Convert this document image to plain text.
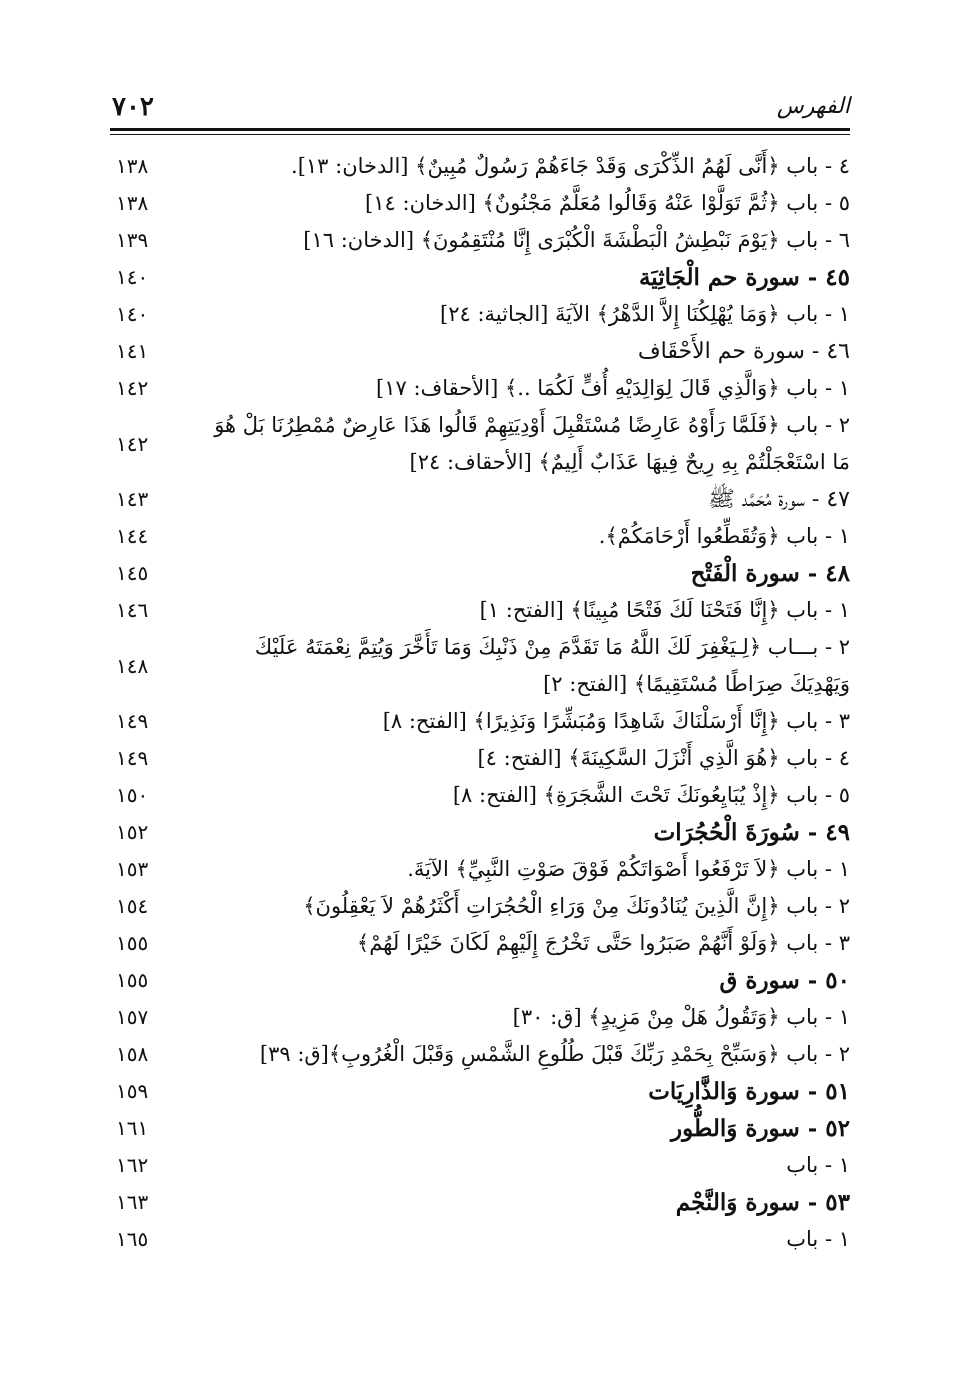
الفهرس
٧٠٢
٤ - باب ﴿أَنَّى لَهُمُ الذِّكْرَى وَقَدْ جَاءَهُمْ رَسُولٌ مُبِينٌ﴾ [الدخان: ١٣].
١٣٨
٥ - باب ﴿ثُمَّ تَوَلَّوْا عَنْهُ وَقَالُوا مُعَلَّمٌ مَجْنُونٌ﴾ [الدخان: ١٤]
١٣٨
٦ - باب ﴿يَوْمَ نَبْطِشُ الْبَطْشَةَ الْكُبْرَى إِنَّا مُنْتَقِمُونَ﴾ [الدخان: ١٦]
١٣٩
٤٥ - سورة حم الْجَاثِيَة
١٤٠
١ - باب ﴿وَمَا يُهْلِكُنَا إِلاَّ الدَّهْرُ﴾ الآيَةَ [الجاثية: ٢٤]
١٤٠
٤٦ - سورة حم الأَحْقَاف
١٤١
١ - باب ﴿وَالَّذِي قَالَ لِوَالِدَيْهِ أُفٍّ لَكُمَا ..﴾ [الأحقاف: ١٧]
١٤٢
٢ - باب ﴿فَلَمَّا رَأَوْهُ عَارِضًا مُسْتَقْبِلَ أَوْدِيَتِهِمْ قَالُوا هَذَا عَارِضٌ مُمْطِرُنَا بَلْ هُوَ مَا اسْتَعْجَلْتُمْ بِهِ رِيحٌ فِيهَا عَذَابٌ أَلِيمٌ﴾ [الأحقاف: ٢٤]
١٤٢
٤٧ - سورة مُحَمَّد ﷺ
١٤٣
١ - باب ﴿وَتُقَطِّعُوا أَرْحَامَكُمْ﴾.
١٤٤
٤٨ - سورة الْفَتْح
١٤٥
١ - باب ﴿إِنَّا فَتَحْنَا لَكَ فَتْحًا مُبِينًا﴾ [الفتح: ١]
١٤٦
٢ - بـــاب ﴿لِـيَغْفِرَ لَكَ اللَّهُ مَا تَقَدَّمَ مِنْ ذَنْبِكَ وَمَا تَأَخَّرَ وَيُتِمَّ نِعْمَتَهُ عَلَيْكَ وَيَهْدِيَكَ صِرَاطًا مُسْتَقِيمًا﴾ [الفتح: ٢]
١٤٨
٣ - باب ﴿إِنَّا أَرْسَلْنَاكَ شَاهِدًا وَمُبَشِّرًا وَنَذِيرًا﴾ [الفتح: ٨]
١٤٩
٤ - باب ﴿هُوَ الَّذِي أَنْزَلَ السَّكِينَةَ﴾ [الفتح: ٤]
١٤٩
٥ - باب ﴿إِذْ يُبَايِعُونَكَ تَحْتَ الشَّجَرَةِ﴾ [الفتح: ٨]
١٥٠
٤٩ - سُورَةَ الْحُجُرَات
١٥٢
١ - باب ﴿لاَ تَرْفَعُوا أَصْوَاتَكُمْ فَوْقَ صَوْتِ النَّبِيِّ﴾ الآيَةَ.
١٥٣
٢ - باب ﴿إِنَّ الَّذِينَ يُنَادُونَكَ مِنْ وَرَاءِ الْحُجُرَاتِ أَكْثَرُهُمْ لاَ يَعْقِلُونَ﴾
١٥٤
٣ - باب ﴿وَلَوْ أَنَّهُمْ صَبَرُوا حَتَّى تَخْرُجَ إِلَيْهِمْ لَكَانَ خَيْرًا لَهُمْ﴾
١٥٥
٥٠ - سورة ق
١٥٥
١ - باب ﴿وَتَقُولُ هَلْ مِنْ مَزِيدٍ﴾ [ق: ٣٠]
١٥٧
٢ - باب ﴿وَسَبِّحْ بِحَمْدِ رَبِّكَ قَبْلَ طُلُوعِ الشَّمْسِ وَقَبْلَ الْغُرُوبِ﴾[ق: ٣٩]
١٥٨
٥١ - سورة وَالذَّارِيَات
١٥٩
٥٢ - سورة وَالطُّور
١٦١
١ - باب
١٦٢
٥٣ - سورة وَالنَّجْم
١٦٣
١ - باب
١٦٥
